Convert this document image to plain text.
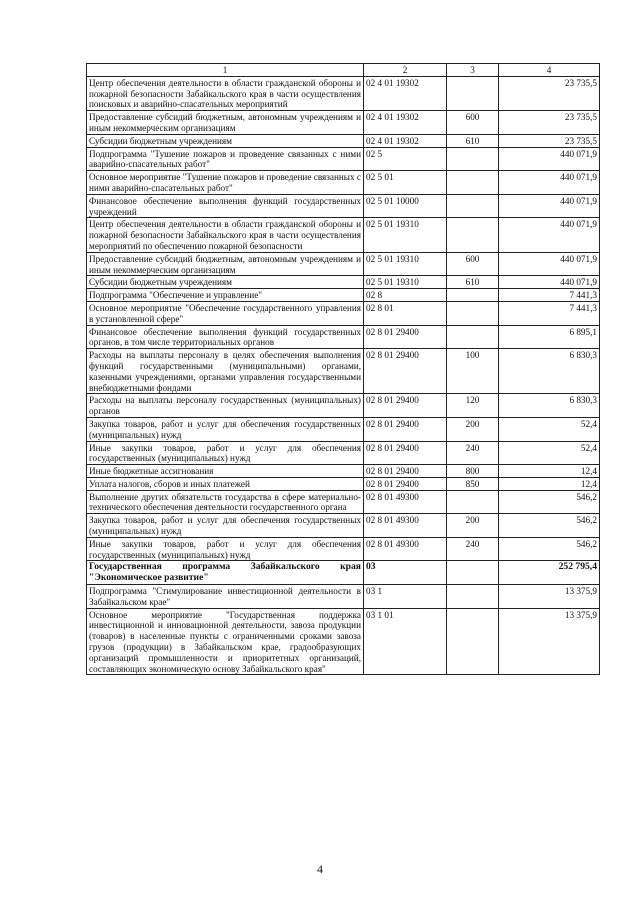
1	2	3	4
Центр обеспечения деятельности в области гражданской обороны и пожарной безопасности Забайкальского края в части осуществления поисковых и аварийно-спасательных мероприятий	02 4 01 19302		23 735,5
Предоставление субсидий бюджетным, автономным учреждениям и иным некоммерческим организациям	02 4 01 19302	600	23 735,5
Субсидии бюджетным учреждениям	02 4 01 19302	610	23 735,5
Подпрограмма "Тушение пожаров и проведение связанных с ними аварийно-спасательных работ"	02 5		440 071,9
Основное мероприятие "Тушение пожаров и проведение связанных с ними аварийно-спасательных работ"	02 5 01		440 071,9
Финансовое обеспечение выполнения функций государственных учреждений	02 5 01 10000		440 071,9
Центр обеспечения деятельности в области гражданской обороны и пожарной безопасности Забайкальского края в части осуществления мероприятий по обеспечению пожарной безопасности	02 5 01 19310		440 071,9
Предоставление субсидий бюджетным, автономным учреждениям и иным некоммерческим организациям	02 5 01 19310	600	440 071,9
Субсидии бюджетным учреждениям	02 5 01 19310	610	440 071,9
Подпрограмма "Обеспечение и управление"	02 8		7 441,3
Основное мероприятие "Обеспечение государственного управления в установленной сфере"	02 8 01		7 441,3
Финансовое обеспечение выполнения функций государственных органов, в том числе территориальных органов	02 8 01 29400		6 895,1
Расходы на выплаты персоналу в целях обеспечения выполнения функций государственными (муниципальными) органами, казенными учреждениями, органами управления государственными внебюджетными фондами	02 8 01 29400	100	6 830,3
Расходы на выплаты персоналу государственных (муниципальных) органов	02 8 01 29400	120	6 830,3
Закупка товаров, работ и услуг для обеспечения государственных (муниципальных) нужд	02 8 01 29400	200	52,4
Иные закупки товаров, работ и услуг для обеспечения государственных (муниципальных) нужд	02 8 01 29400	240	52,4
Иные бюджетные ассигнования	02 8 01 29400	800	12,4
Уплата налогов, сборов и иных платежей	02 8 01 29400	850	12,4
Выполнение других обязательств государства в сфере материально-технического обеспечения деятельности государственного органа	02 8 01 49300		546,2
Закупка товаров, работ и услуг для обеспечения государственных (муниципальных) нужд	02 8 01 49300	200	546,2
Иные закупки товаров, работ и услуг для обеспечения государственных (муниципальных) нужд	02 8 01 49300	240	546,2
Государственная программа Забайкальского края "Экономическое развитие"	03		252 795,4
Подпрограмма "Стимулирование инвестиционной деятельности в Забайкальском крае"	03 1		13 375,9
Основное мероприятие "Государственная поддержка инвестиционной и инновационной деятельности, завоза продукции (товаров) в населенные пункты с ограниченными сроками завоза грузов (продукции) в Забайкальском крае, градообразующих организаций промышленности и приоритетных организаций, составляющих экономическую основу Забайкальского края"	03 1 01		13 375,9
4
